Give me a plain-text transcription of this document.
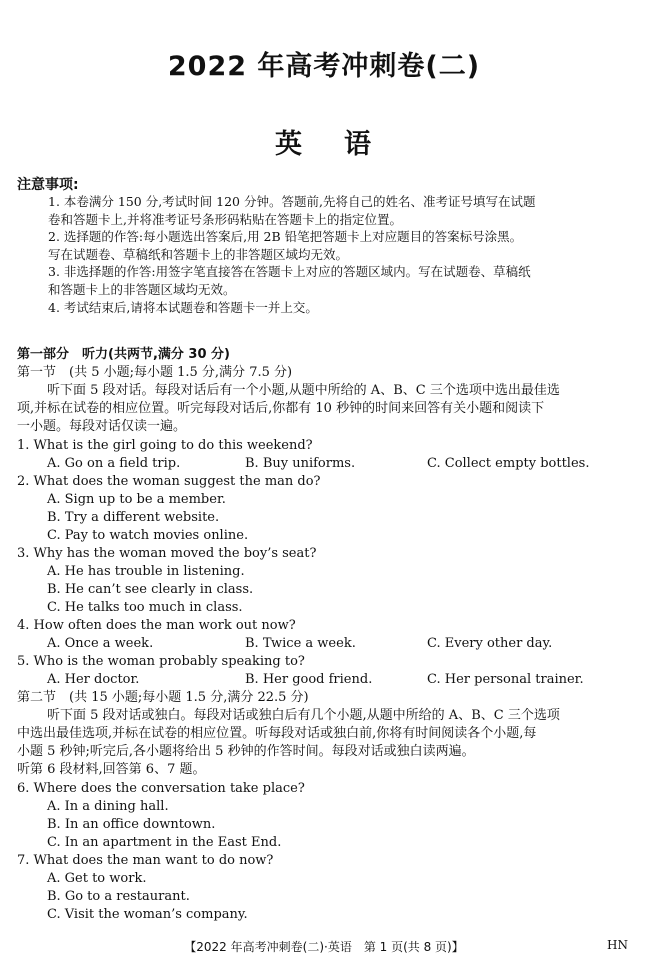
2022 年高考冲刺卷(二)
英 语
注意事项:
1. 本卷满分 150 分,考试时间 120 分钟。答题前,先将自己的姓名、准考证号填写在试题
卷和答题卡上,并将准考证号条形码粘贴在答题卡上的指定位置。
2. 选择题的作答:每小题选出答案后,用 2B 铅笔把答题卡上对应题目的答案标号涂黑。
写在试题卷、草稿纸和答题卡上的非答题区域均无效。
3. 非选择题的作答:用签字笔直接答在答题卡上对应的答题区域内。写在试题卷、草稿纸
和答题卡上的非答题区域均无效。
4. 考试结束后,请将本试题卷和答题卡一并上交。
第一部分　听力(共两节,满分 30 分)
第一节　(共 5 小题;每小题 1.5 分,满分 7.5 分)
听下面 5 段对话。每段对话后有一个小题,从题中所给的 A、B、C 三个选项中选出最佳选
项,并标在试卷的相应位置。听完每段对话后,你都有 10 秒钟的时间来回答有关小题和阅读下
一小题。每段对话仅读一遍。
1. What is the girl going to do this weekend?
A. Go on a field trip.	B. Buy uniforms.	C. Collect empty bottles.
2. What does the woman suggest the man do?
A. Sign up to be a member.
B. Try a different website.
C. Pay to watch movies online.
3. Why has the woman moved the boy’s seat?
A. He has trouble in listening.
B. He can’t see clearly in class.
C. He talks too much in class.
4. How often does the man work out now?
A. Once a week.	B. Twice a week.	C. Every other day.
5. Who is the woman probably speaking to?
A. Her doctor.	B. Her good friend.	C. Her personal trainer.
第二节　(共 15 小题;每小题 1.5 分,满分 22.5 分)
听下面 5 段对话或独白。每段对话或独白后有几个小题,从题中所给的 A、B、C 三个选项
中选出最佳选项,并标在试卷的相应位置。听每段对话或独白前,你将有时间阅读各个小题,每
小题 5 秒钟;听完后,各小题将给出 5 秒钟的作答时间。每段对话或独白读两遍。
听第 6 段材料,回答第 6、7 题。
6. Where does the conversation take place?
A. In a dining hall.
B. In an office downtown.
C. In an apartment in the East End.
7. What does the man want to do now?
A. Get to work.
B. Go to a restaurant.
C. Visit the woman’s company.
【2022 年高考冲刺卷(二)·英语　第 1 页(共 8 页)】	HN
